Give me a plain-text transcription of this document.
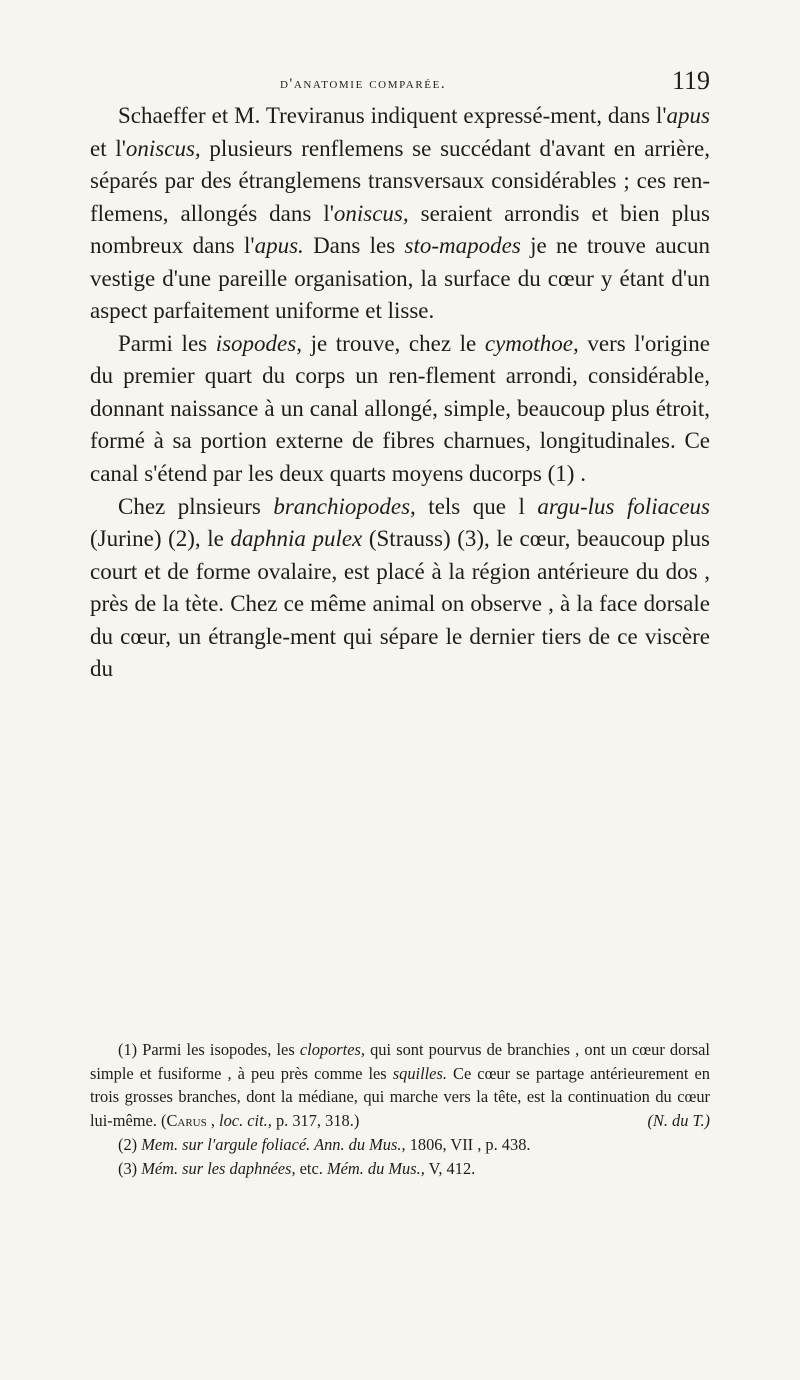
d'anatomie comparée.	119

Schaeffer et M. Treviranus indiquent expressé-ment, dans l'apus et l'oniscus, plusieurs renflemens se succédant d'avant en arrière, séparés par des étranglemens transversaux considérables ; ces ren-flemens, allongés dans l'oniscus, seraient arrondis et bien plus nombreux dans l'apus. Dans les sto-mapodes je ne trouve aucun vestige d'une pareille organisation, la surface du cœur y étant d'un aspect parfaitement uniforme et lisse.

Parmi les isopodes, je trouve, chez le cymothoe, vers l'origine du premier quart du corps un ren-flement arrondi, considérable, donnant naissance à un canal allongé, simple, beaucoup plus étroit, formé à sa portion externe de fibres charnues, longitudinales. Ce canal s'étend par les deux quarts moyens ducorps (1) .

Chez plnsieurs branchiopodes, tels que l argu-lus foliaceus (Jurine) (2), le daphnia pulex (Strauss) (3), le cœur, beaucoup plus court et de forme ovalaire, est placé à la région antérieure du dos , près de la tète. Chez ce même animal on observe , à la face dorsale du cœur, un étrangle-ment qui sépare le dernier tiers de ce viscère du

(1) Parmi les isopodes, les cloportes, qui sont pourvus de branchies , ont un cœur dorsal simple et fusiforme , à peu près comme les squilles. Ce cœur se partage antérieurement en trois grosses branches, dont la médiane, qui marche vers la tête, est la continuation du cœur lui-même. (Carus , loc. cit., p. 317, 318.)	(N. du T.)

(2) Mem. sur l'argule foliacé. Ann. du Mus., 1806, VII , p. 438.

(3) Mém. sur les daphnées, etc. Mém. du Mus., V, 412.
